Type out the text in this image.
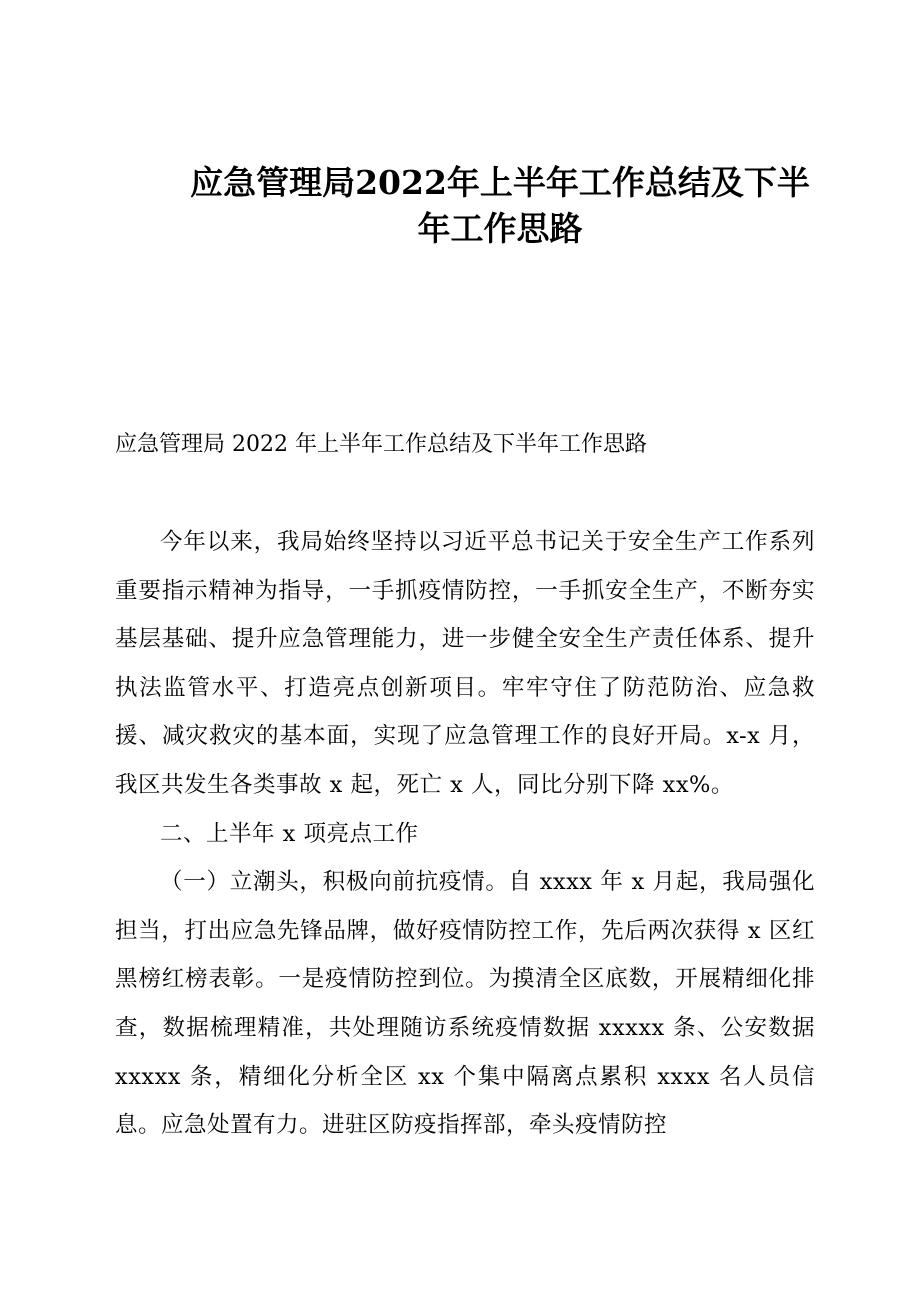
应急管理局2022年上半年工作总结及下半
年工作思路

应急管理局 2022 年上半年工作总结及下半年工作思路

今年以来，我局始终坚持以习近平总书记关于安全生产工作系列重要指示精神为指导，一手抓疫情防控，一手抓安全生产，不断夯实基层基础、提升应急管理能力，进一步健全安全生产责任体系、提升执法监管水平、打造亮点创新项目。牢牢守住了防范防治、应急救援、减灾救灾的基本面，实现了应急管理工作的良好开局。x-x 月，我区共发生各类事故 x 起，死亡 x 人，同比分别下降 xx%。

二、上半年 x 项亮点工作

（一）立潮头，积极向前抗疫情。自 xxxx 年 x 月起，我局强化担当，打出应急先锋品牌，做好疫情防控工作，先后两次获得 x 区红黑榜红榜表彰。一是疫情防控到位。为摸清全区底数，开展精细化排查，数据梳理精准，共处理随访系统疫情数据 xxxxx 条、公安数据 xxxxx 条，精细化分析全区 xx 个集中隔离点累积 xxxx 名人员信息。应急处置有力。进驻区防疫指挥部，牵头疫情防控
